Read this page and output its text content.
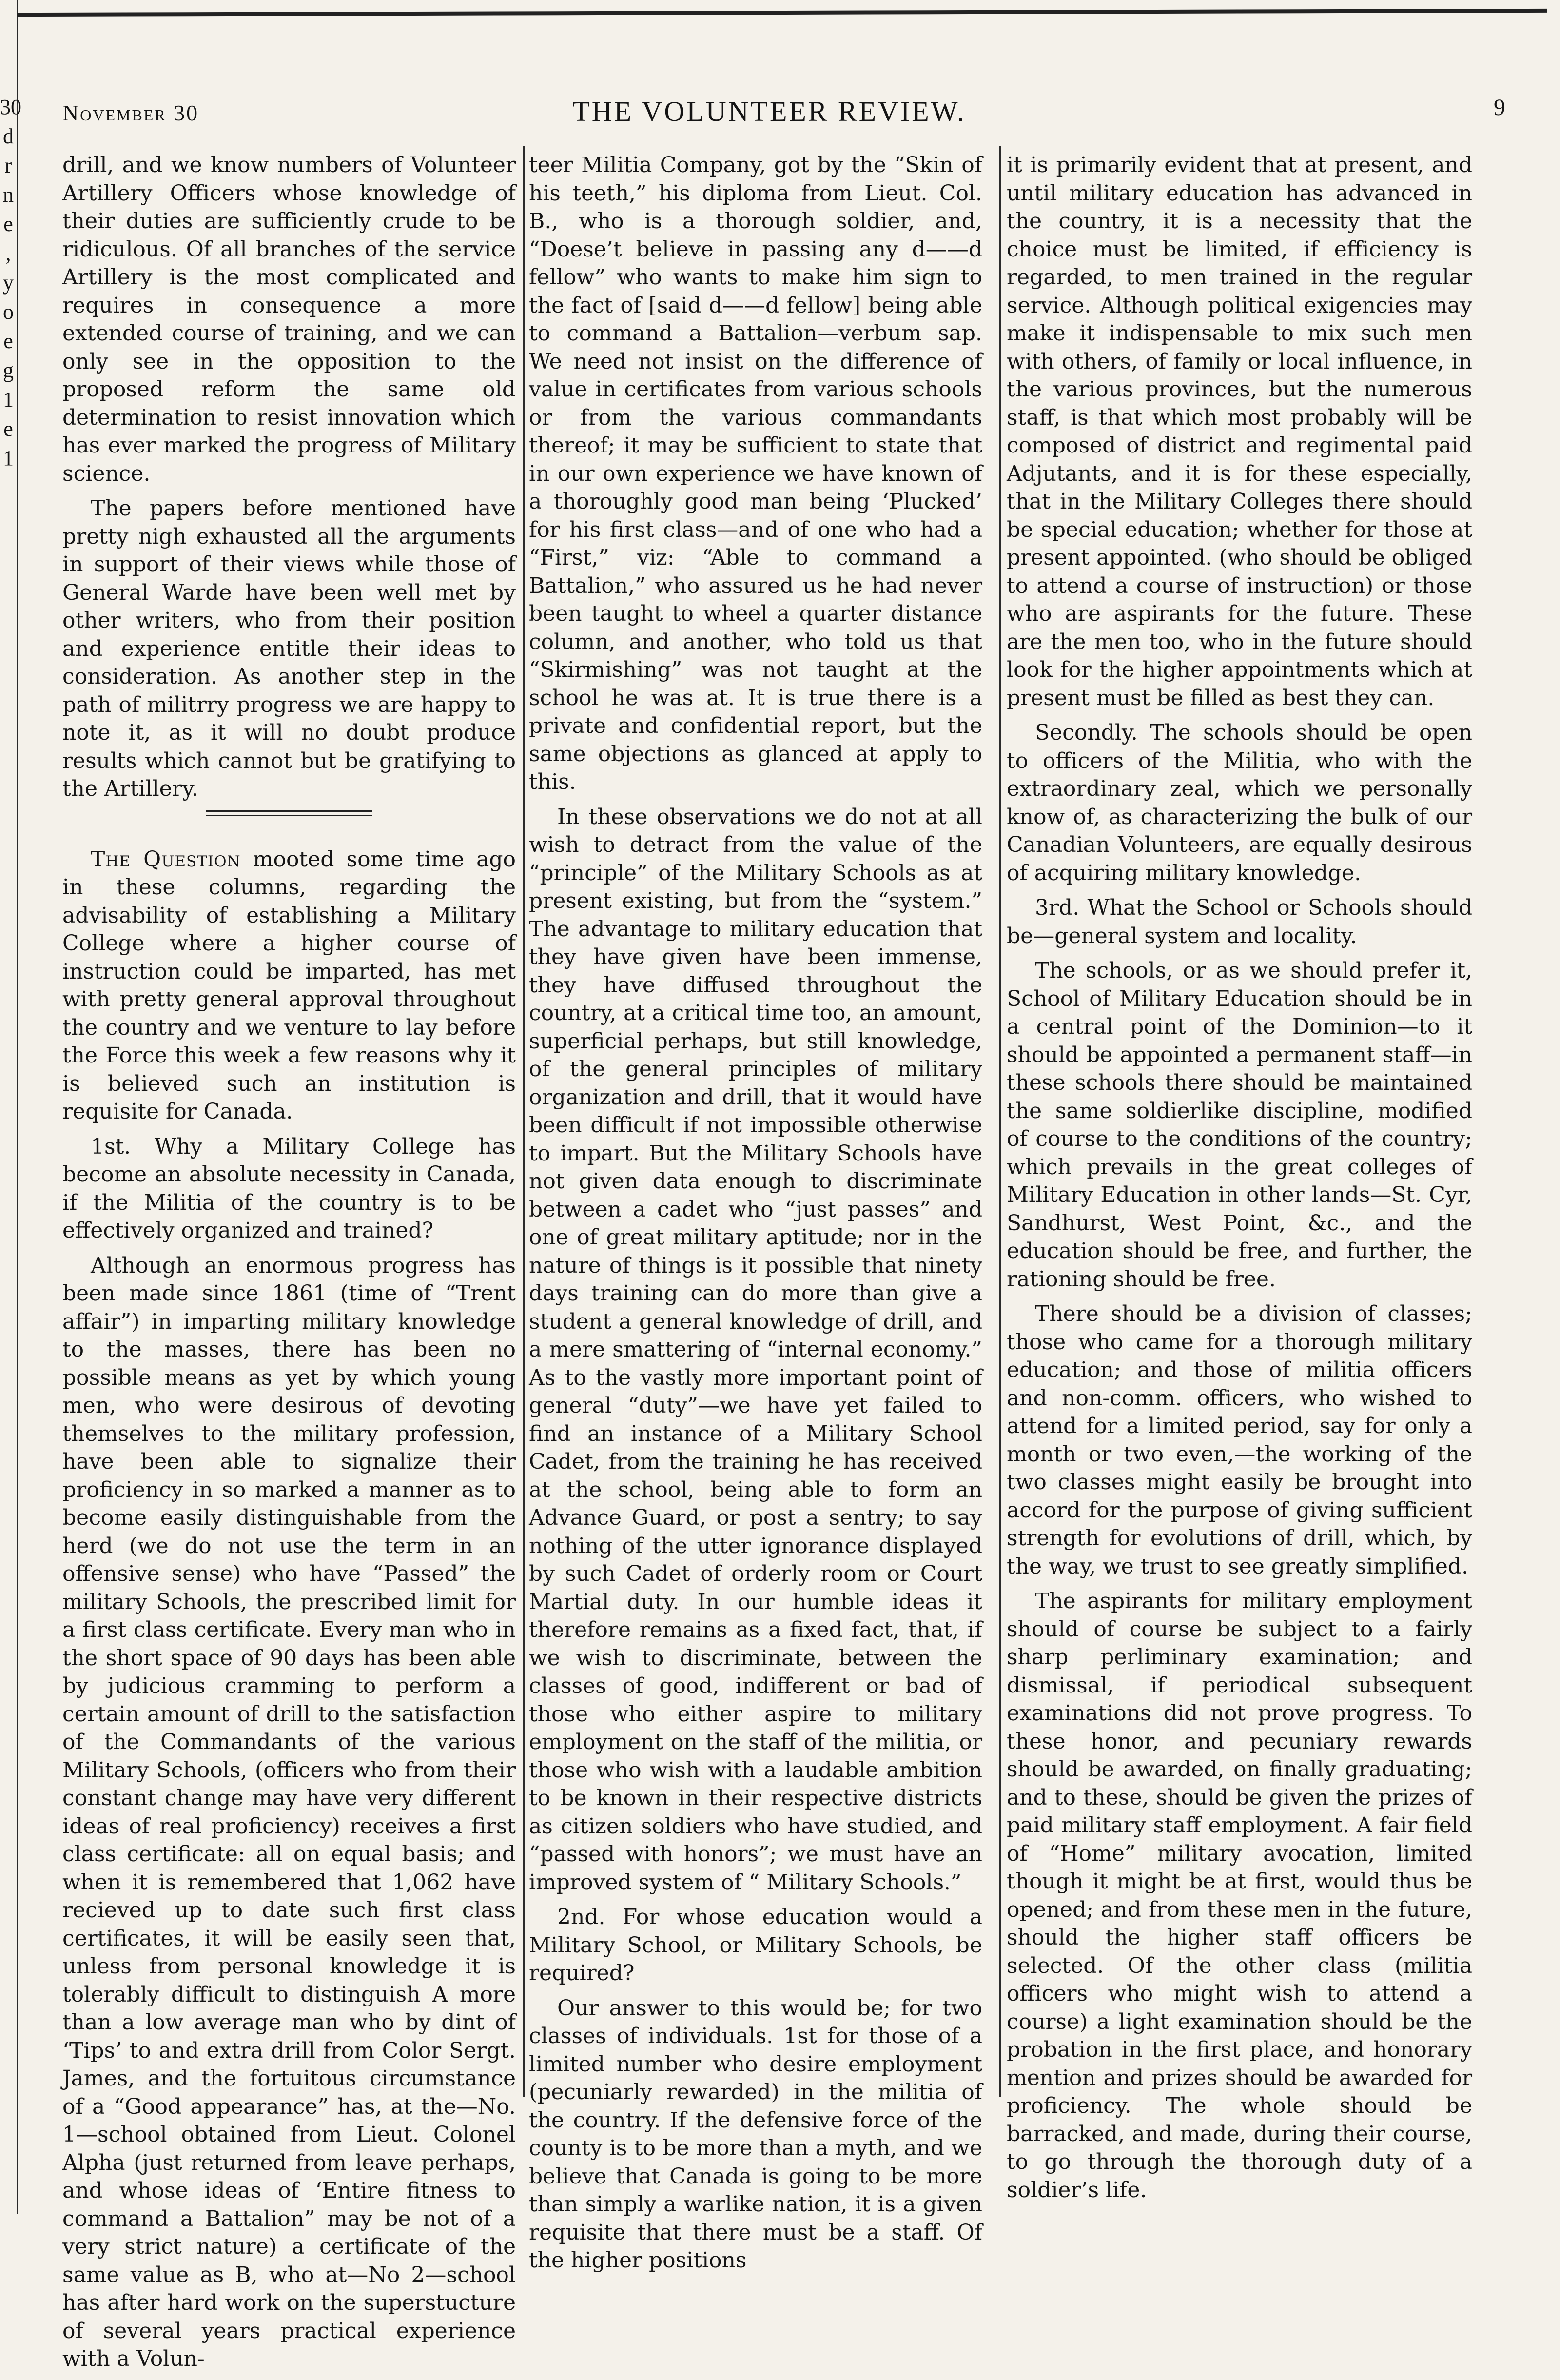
30
d
r
n
e
,
y
o
e
g
1
e
1
November 30	THE VOLUNTEER REVIEW.	9

drill, and we know numbers of Volunteer Artillery Officers whose knowledge of their duties are sufficiently crude to be ridiculous. Of all branches of the service Artillery is the most complicated and requires in consequence a more extended course of training, and we can only see in the opposition to the proposed reform the same old determination to resist innovation which has ever marked the progress of Military science.

The papers before mentioned have pretty nigh exhausted all the arguments in support of their views while those of General Warde have been well met by other writers, who from their position and experience entitle their ideas to consideration. As another step in the path of militrry progress we are happy to note it, as it will no doubt produce results which cannot but be gratifying to the Artillery.

The Question mooted some time ago in these columns, regarding the advisability of establishing a Military College where a higher course of instruction could be imparted, has met with pretty general approval throughout the country and we venture to lay before the Force this week a few reasons why it is believed such an institution is requisite for Canada.

1st. Why a Military College has become an absolute necessity in Canada, if the Militia of the country is to be effectively organized and trained?

Although an enormous progress has been made since 1861 (time of “Trent affair”) in imparting military knowledge to the masses, there has been no possible means as yet by which young men, who were desirous of devoting themselves to the military profession, have been able to signalize their proficiency in so marked a manner as to become easily distinguishable from the herd (we do not use the term in an offensive sense) who have “Passed” the military Schools, the prescribed limit for a first class certificate. Every man who in the short space of 90 days has been able by judicious cramming to perform a certain amount of drill to the satisfaction of the Commandants of the various Military Schools, (officers who from their constant change may have very different ideas of real proficiency) receives a first class certificate: all on equal basis; and when it is remembered that 1,062 have recieved up to date such first class certificates, it will be easily seen that, unless from personal knowledge it is tolerably difficult to distinguish A more than a low average man who by dint of ‘Tips’ to and extra drill from Color Sergt. James, and the fortuitous circumstance of a “Good appearance” has, at the—No. 1—school obtained from Lieut. Colonel Alpha (just returned from leave perhaps, and whose ideas of ‘Entire fitness to command a Battalion” may be not of a very strict nature) a certificate of the same value as B, who at—No 2—school has after hard work on the superstucture of several years practical experience with a Volun-

teer Militia Company, got by the “Skin of his teeth,” his diploma from Lieut. Col. B., who is a thorough soldier, and, “Doese’t believe in passing any d——d fellow” who wants to make him sign to the fact of [said d——d fellow] being able to command a Battalion—verbum sap. We need not insist on the difference of value in certificates from various schools or from the various commandants thereof; it may be sufficient to state that in our own experience we have known of a thoroughly good man being ‘Plucked’ for his first class—and of one who had a “First,” viz: “Able to command a Battalion,” who assured us he had never been taught to wheel a quarter distance column, and another, who told us that “Skirmishing” was not taught at the school he was at. It is true there is a private and confidential report, but the same objections as glanced at apply to this.

In these observations we do not at all wish to detract from the value of the “principle” of the Military Schools as at present existing, but from the “system.” The advantage to military education that they have given have been immense, they have diffused throughout the country, at a critical time too, an amount, superficial perhaps, but still knowledge, of the general principles of military organization and drill, that it would have been difficult if not impossible otherwise to impart. But the Military Schools have not given data enough to discriminate between a cadet who “just passes” and one of great military aptitude; nor in the nature of things is it possible that ninety days training can do more than give a student a general knowledge of drill, and a mere smattering of “internal economy.” As to the vastly more important point of general “duty”—we have yet failed to find an instance of a Military School Cadet, from the training he has received at the school, being able to form an Advance Guard, or post a sentry; to say nothing of the utter ignorance displayed by such Cadet of orderly room or Court Martial duty. In our humble ideas it therefore remains as a fixed fact, that, if we wish to discriminate, between the classes of good, indifferent or bad of those who either aspire to military employment on the staff of the militia, or those who wish with a laudable ambition to be known in their respective districts as citizen soldiers who have studied, and “passed with honors”; we must have an improved system of “ Military Schools.”

2nd. For whose education would a Military School, or Military Schools, be required?

Our answer to this would be; for two classes of individuals. 1st for those of a limited number who desire employment (pecuniarly rewarded) in the militia of the country. If the defensive force of the county is to be more than a myth, and we believe that Canada is going to be more than simply a warlike nation, it is a given requisite that there must be a staff. Of the higher positions

it is primarily evident that at present, and until military education has advanced in the country, it is a necessity that the choice must be limited, if efficiency is regarded, to men trained in the regular service. Although political exigencies may make it indispensable to mix such men with others, of family or local influence, in the various provinces, but the numerous staff, is that which most probably will be composed of district and regimental paid Adjutants, and it is for these especially, that in the Military Colleges there should be special education; whether for those at present appointed. (who should be obliged to attend a course of instruction) or those who are aspirants for the future. These are the men too, who in the future should look for the higher appointments which at present must be filled as best they can.

Secondly. The schools should be open to officers of the Militia, who with the extraordinary zeal, which we personally know of, as characterizing the bulk of our Canadian Volunteers, are equally desirous of acquiring military knowledge.

3rd. What the School or Schools should be—general system and locality.

The schools, or as we should prefer it, School of Military Education should be in a central point of the Dominion—to it should be appointed a permanent staff—in these schools there should be maintained the same soldierlike discipline, modified of course to the conditions of the country; which prevails in the great colleges of Military Education in other lands—St. Cyr, Sandhurst, West Point, &c., and the education should be free, and further, the rationing should be free.

There should be a division of classes; those who came for a thorough military education; and those of militia officers and non-comm. officers, who wished to attend for a limited period, say for only a month or two even,—the working of the two classes might easily be brought into accord for the purpose of giving sufficient strength for evolutions of drill, which, by the way, we trust to see greatly simplified.

The aspirants for military employment should of course be subject to a fairly sharp perliminary examination; and dismissal, if periodical subsequent examinations did not prove progress. To these honor, and pecuniary rewards should be awarded, on finally graduating; and to these, should be given the prizes of paid military staff employment. A fair field of “Home” military avocation, limited though it might be at first, would thus be opened; and from these men in the future, should the higher staff officers be selected. Of the other class (militia officers who might wish to attend a course) a light examination should be the probation in the first place, and honorary mention and prizes should be awarded for proficiency. The whole should be barracked, and made, during their course, to go through the thorough duty of a soldier’s life.
